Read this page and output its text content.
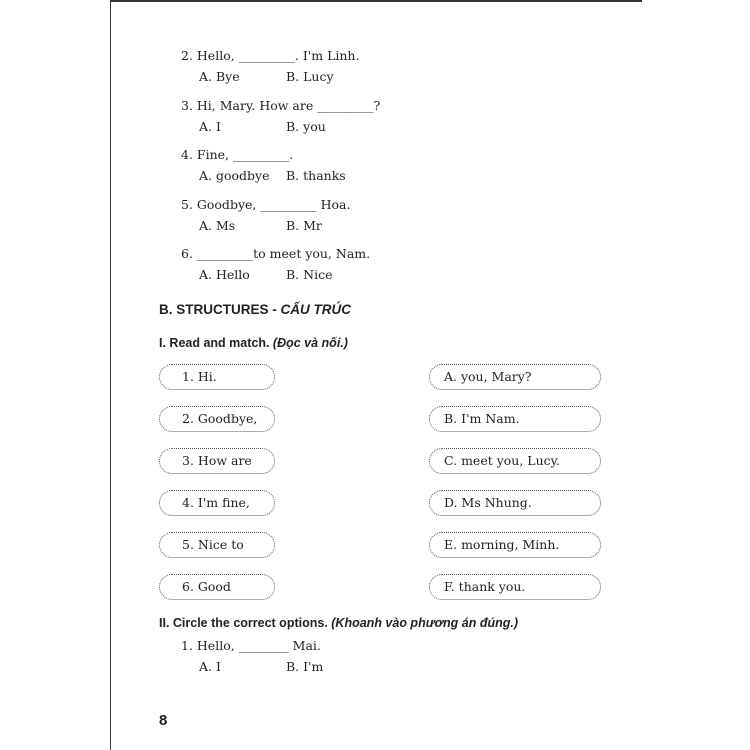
2. Hello, _________. I'm Linh.
A. Bye	B. Lucy
3. Hi, Mary. How are _________?
A. I	B. you
4. Fine, _________.
A. goodbye B. thanks
5. Goodbye, _________ Hoa.
A. Ms	B. Mr
6. _________to meet you, Nam.
A. Hello	B. Nice
B. STRUCTURES - CẤU TRÚC
I. Read and match. (Đọc và nối.)
1. Hi.
2. Goodbye,
3. How are
4. I'm fine,
5. Nice to
6. Good
A. you, Mary?
B. I'm Nam.
C. meet you, Lucy.
D. Ms Nhung.
E. morning, Minh.
F. thank you.
II. Circle the correct options. (Khoanh vào phương án đúng.)
1. Hello, ________ Mai.
A. I	B. I'm
8
